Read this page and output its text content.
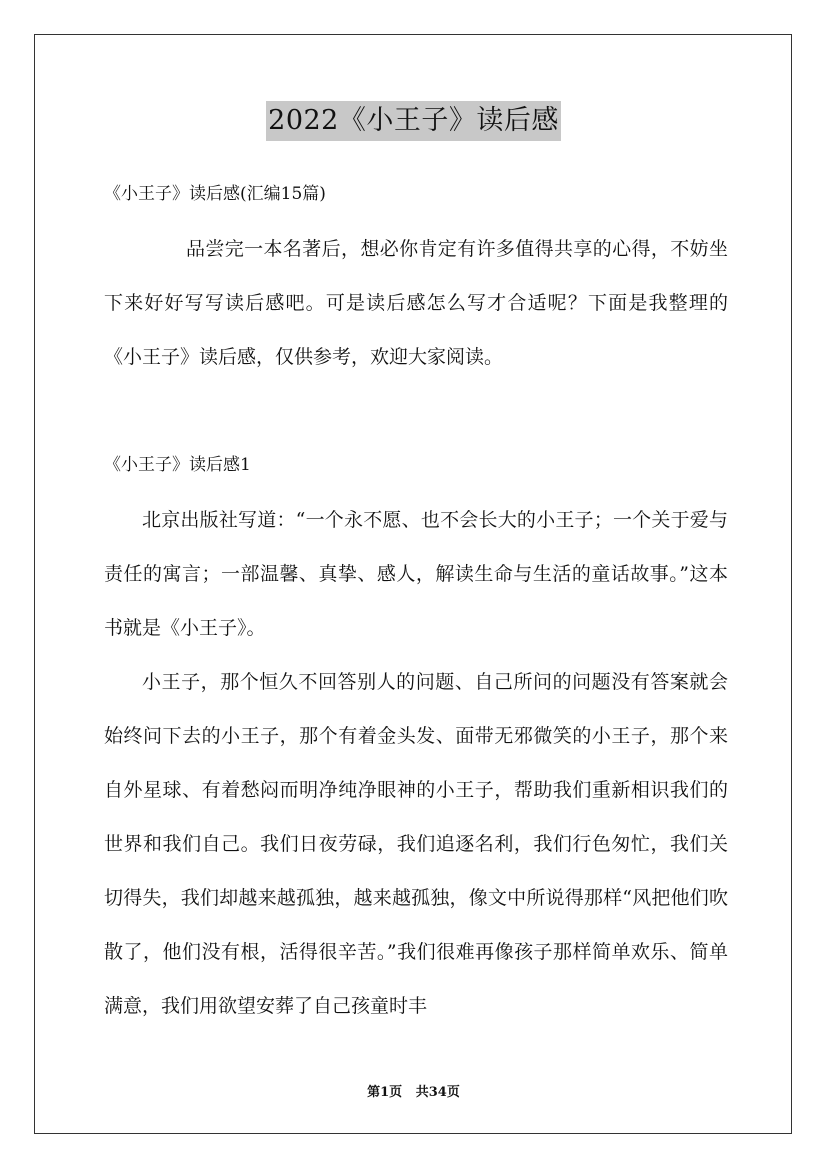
2022《小王子》读后感
《小王子》读后感(汇编15篇)

品尝完一本名著后，想必你肯定有许多值得共享的心得，不妨坐下来好好写写读后感吧。可是读后感怎么写才合适呢？下面是我整理的《小王子》读后感，仅供参考，欢迎大家阅读。

《小王子》读后感1

北京出版社写道：“一个永不愿、也不会长大的小王子；一个关于爱与责任的寓言；一部温馨、真挚、感人，解读生命与生活的童话故事。”这本书就是《小王子》。

小王子，那个恒久不回答别人的问题、自己所问的问题没有答案就会始终问下去的小王子，那个有着金头发、面带无邪微笑的小王子，那个来自外星球、有着愁闷而明净纯净眼神的小王子，帮助我们重新相识我们的世界和我们自己。我们日夜劳碌，我们追逐名利，我们行色匆忙，我们关切得失，我们却越来越孤独，越来越孤独，像文中所说得那样“风把他们吹散了，他们没有根，活得很辛苦。”我们很难再像孩子那样简单欢乐、简单满意，我们用欲望安葬了自己孩童时丰

第1页 共34页
